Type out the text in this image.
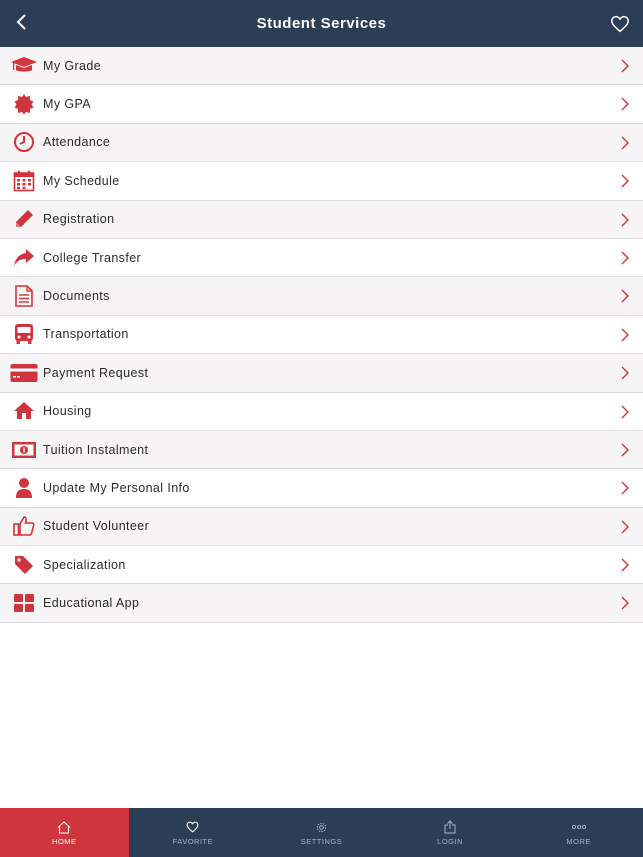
Student Services
My Grade
My GPA
Attendance
My Schedule
Registration
College Transfer
Documents
Transportation
Payment Request
Housing
Tuition Instalment
Update My Personal Info
Student Volunteer
Specialization
Educational App
HOME	FAVORITE	SETTINGS	LOGIN	MORE
